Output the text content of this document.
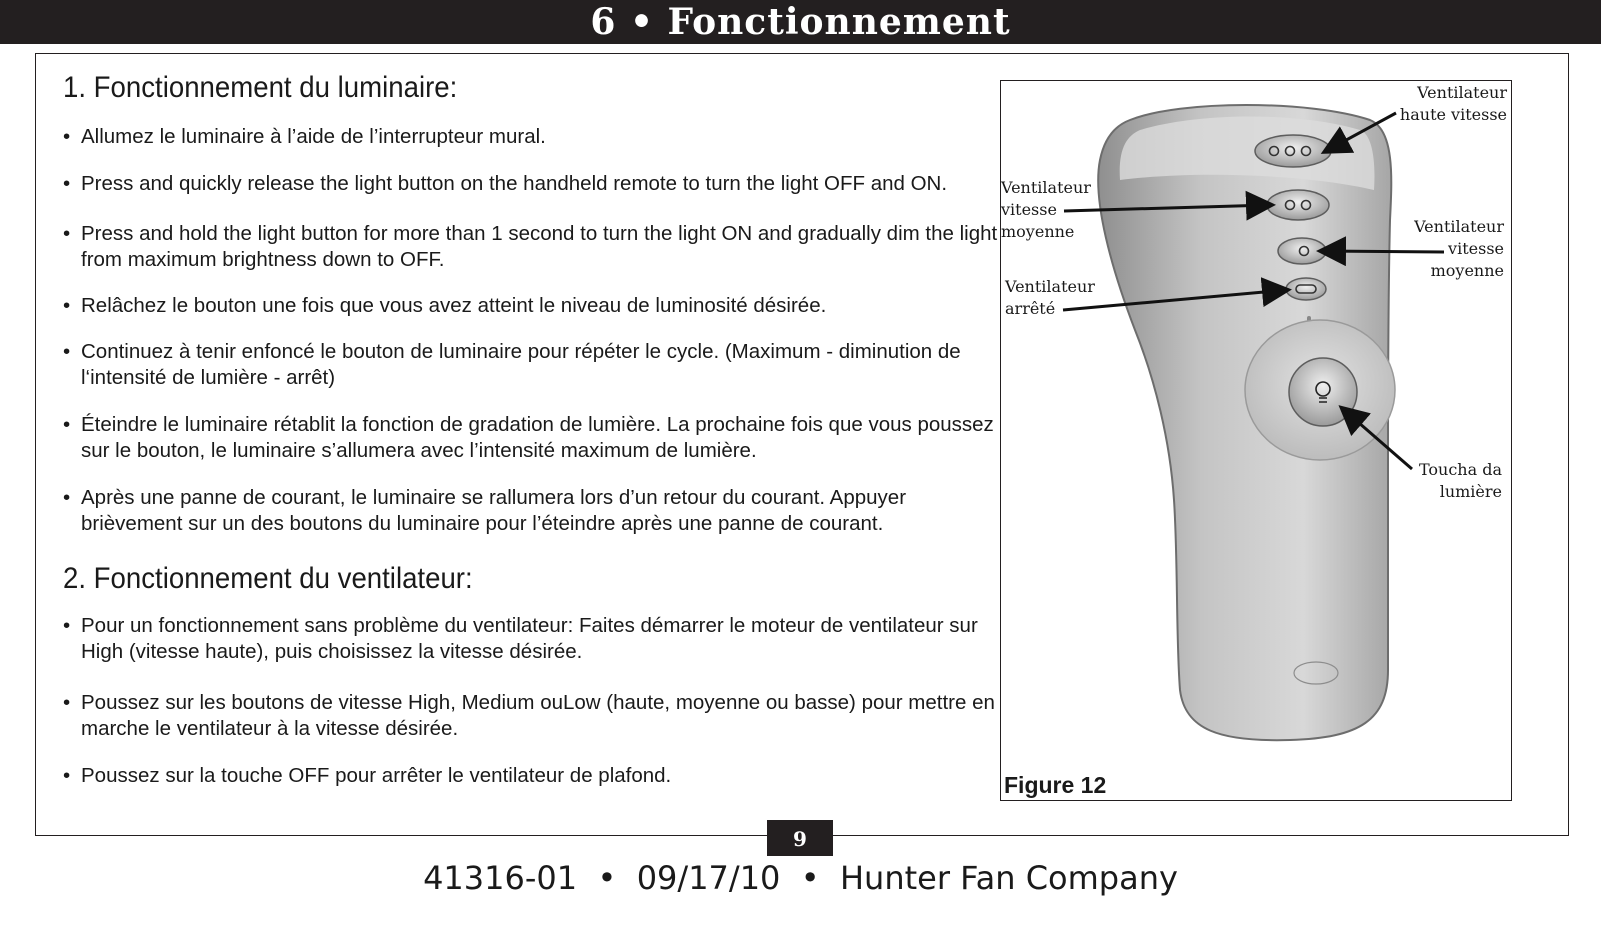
6 • Fonctionnement
1. Fonctionnement du luminaire:
• Allumez le luminaire à l’aide de l’interrupteur mural.
• Press and quickly release the light button on the handheld remote to turn the light OFF and ON.
• Press and hold the light button for more than 1 second to turn the light ON and gradually dim the light from maximum brightness down to OFF.
• Relâchez le bouton une fois que vous avez atteint le niveau de luminosité désirée.
• Continuez à tenir enfoncé le bouton de luminaire pour répéter le cycle. (Maximum - diminution de l‘intensité de lumière - arrêt)
• Éteindre le luminaire rétablit la fonction de gradation de lumière. La prochaine fois que vous poussez sur le bouton, le luminaire s’allumera avec l’intensité maximum de lumière.
• Après une panne de courant, le luminaire se rallumera lors d’un retour du courant. Appuyer brièvement sur un des boutons du luminaire pour l’éteindre après une panne de courant.
2. Fonctionnement du ventilateur:
• Pour un fonctionnement sans problème du ventilateur: Faites démarrer le moteur de ventilateur sur High (vitesse haute), puis choisissez la vitesse désirée.
• Poussez sur les boutons de vitesse High, Medium ouLow (haute, moyenne ou basse) pour mettre en marche le ventilateur à la vitesse désirée.
• Poussez sur la touche OFF pour arrêter le ventilateur de plafond.
Ventilateur
haute vitesse
Ventilateur
vitesse
moyenne	Ventilateur
vitesse
moyenne
Ventilateur
arrêté
Toucha da
lumière
Figure 12
9
41316-01  •  09/17/10  •  Hunter Fan Company
